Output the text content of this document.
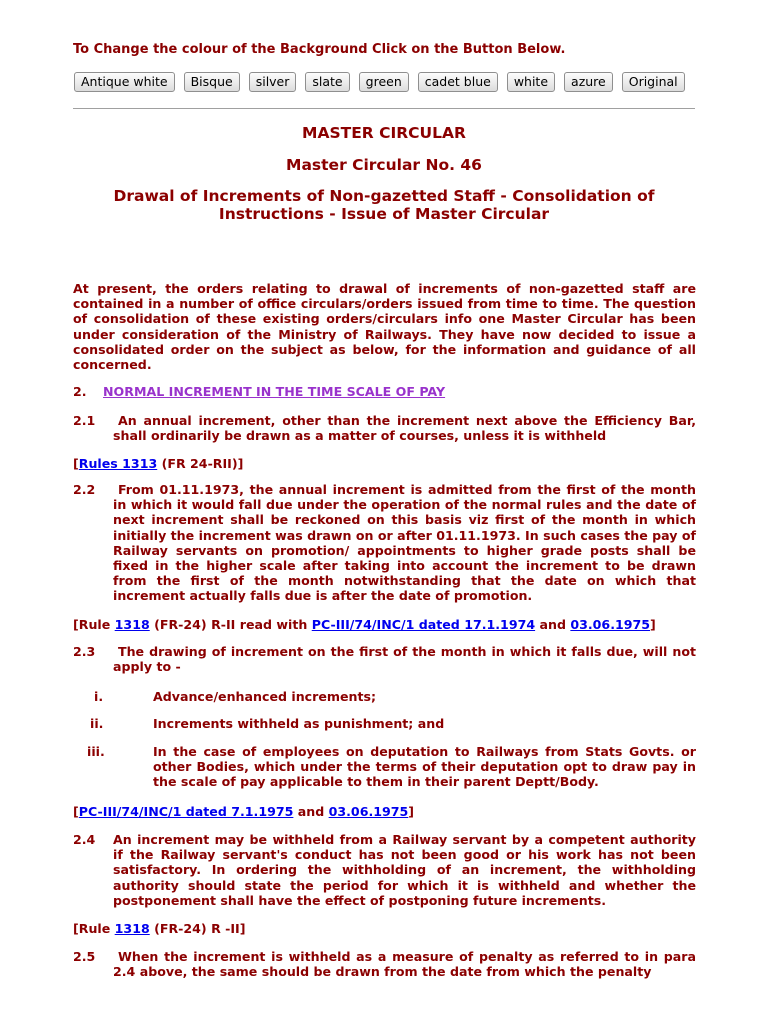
To Change the colour of the Background Click on the Button Below.
Antique white	Bisque	silver	slate	green	cadet blue	white	azure	Original
MASTER CIRCULAR
Master Circular No. 46
Drawal of Increments of Non-gazetted Staff - Consolidation of Instructions - Issue of Master Circular
At present, the orders relating to drawal of increments of non-gazetted staff are contained in a number of office circulars/orders issued from time to time. The question of consolidation of these existing orders/circulars info one Master Circular has been under consideration of the Ministry of Railways. They have now decided to issue a consolidated order on the subject as below, for the information and guidance of all concerned.
2. NORMAL INCREMENT IN THE TIME SCALE OF PAY
2.1	An annual increment, other than the increment next above the Efficiency Bar, shall ordinarily be drawn as a matter of courses, unless it is withheld
[Rules 1313 (FR 24-RII)]
2.2	From 01.11.1973, the annual increment is admitted from the first of the month in which it would fall due under the operation of the normal rules and the date of next increment shall be reckoned on this basis viz first of the month in which initially the increment was drawn on or after 01.11.1973. In such cases the pay of Railway servants on promotion/ appointments to higher grade posts shall be fixed in the higher scale after taking into account the increment to be drawn from the first of the month notwithstanding that the date on which that increment actually falls due is after the date of promotion.
[Rule 1318 (FR-24) R-II read with PC-III/74/INC/1 dated 17.1.1974 and 03.06.1975]
2.3	The drawing of increment on the first of the month in which it falls due, will not apply to -
i.	Advance/enhanced increments;
ii.	Increments withheld as punishment; and
iii.	In the case of employees on deputation to Railways from Stats Govts. or other Bodies, which under the terms of their deputation opt to draw pay in the scale of pay applicable to them in their parent Deptt/Body.
[PC-III/74/INC/1 dated 7.1.1975 and 03.06.1975]
2.4 An increment may be withheld from a Railway servant by a competent authority if the Railway servant's conduct has not been good or his work has not been satisfactory. In ordering the withholding of an increment, the withholding authority should state the period for which it is withheld and whether the postponement shall have the effect of postponing future increments.
[Rule 1318 (FR-24) R -II]
2.5	When the increment is withheld as a measure of penalty as referred to in para 2.4 above, the same should be drawn from the date from which the penalty
